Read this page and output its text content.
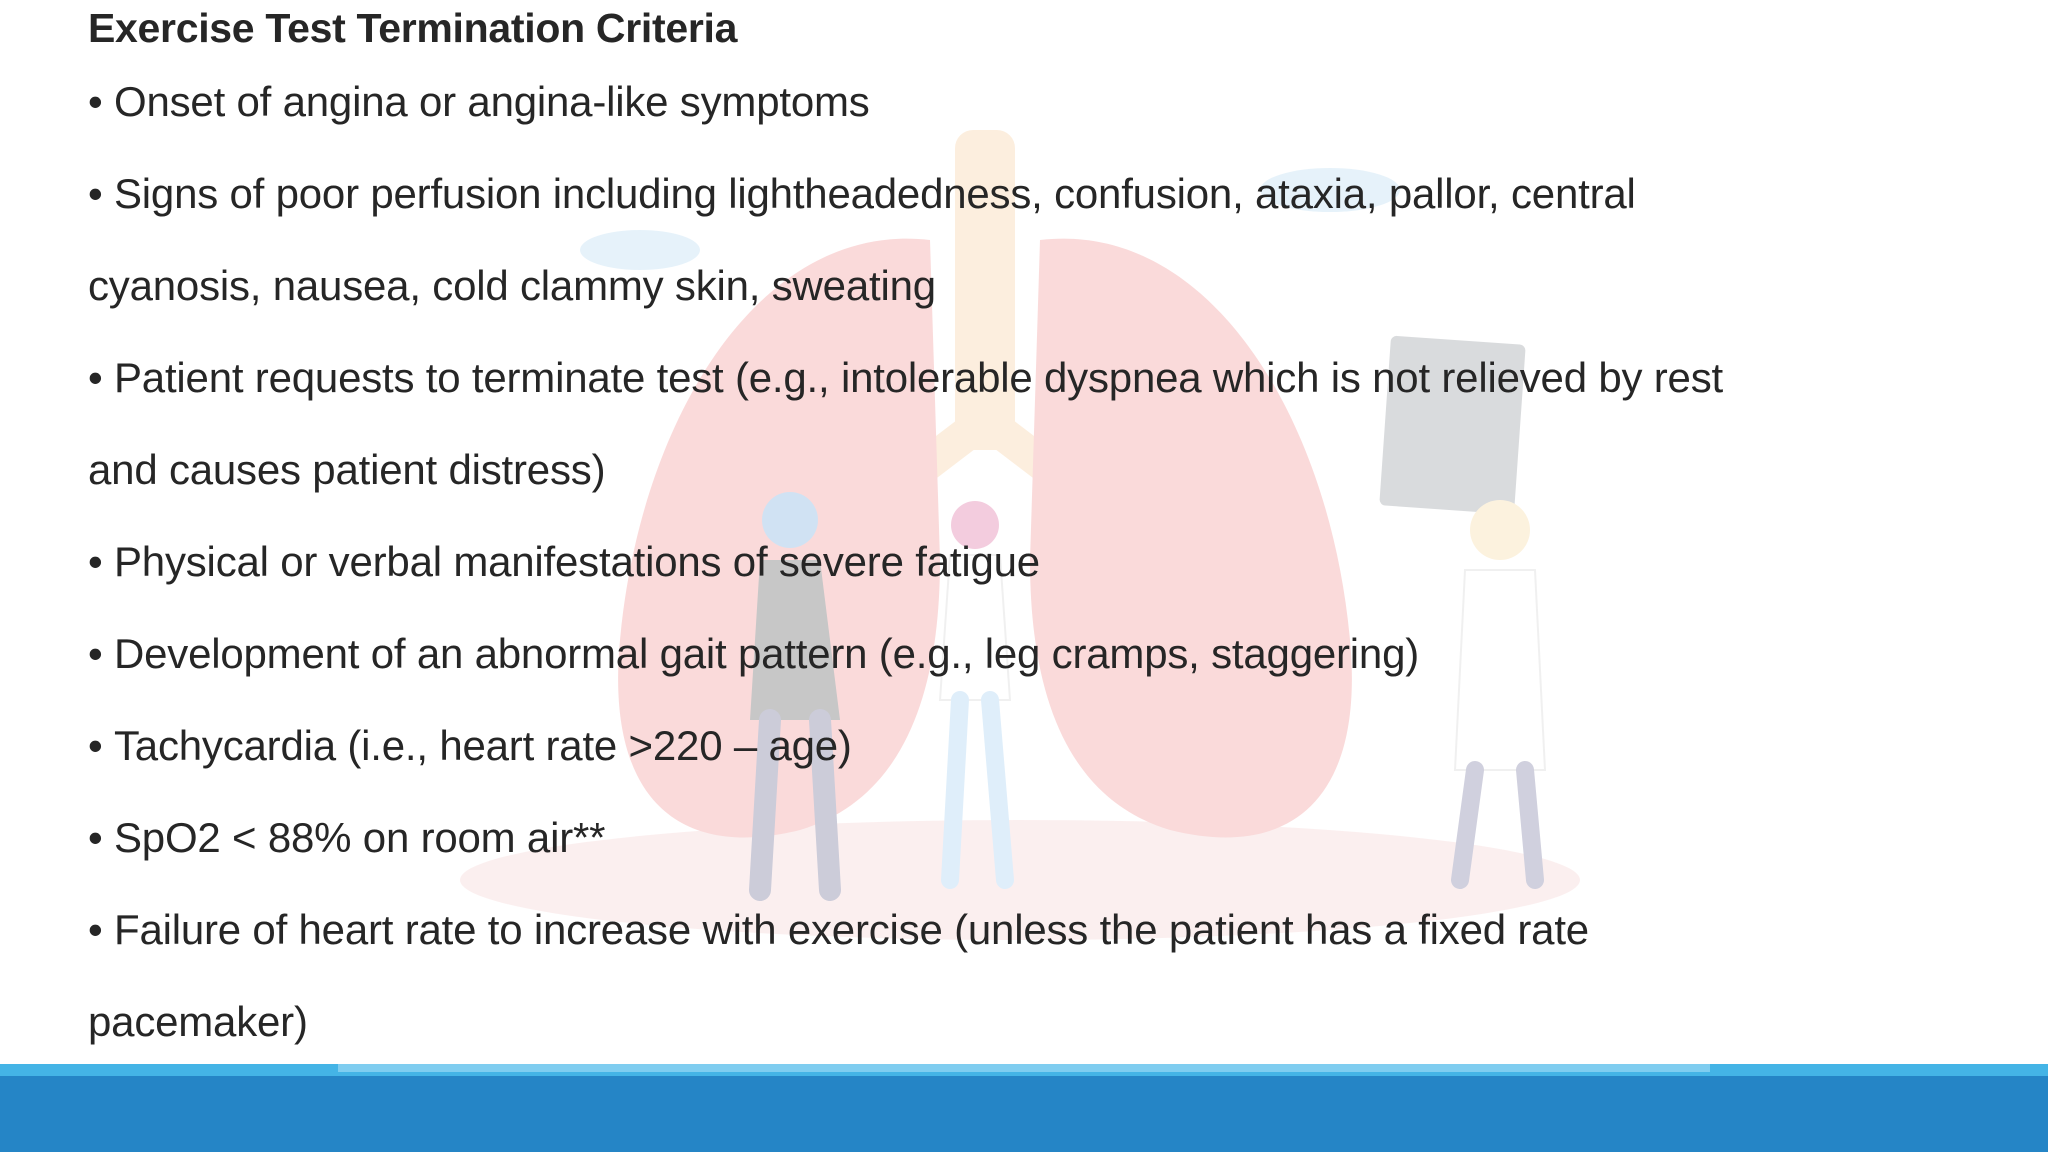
Exercise Test Termination Criteria
• Onset of angina or angina-like symptoms
• Signs of poor perfusion including lightheadedness, confusion, ataxia, pallor, central
cyanosis, nausea, cold clammy skin, sweating
• Patient requests to terminate test (e.g., intolerable dyspnea which is not relieved by rest
and causes patient distress)
• Physical or verbal manifestations of severe fatigue
• Development of an abnormal gait pattern (e.g., leg cramps, staggering)
• Tachycardia (i.e., heart rate >220 – age)
• SpO2 < 88% on room air**
• Failure of heart rate to increase with exercise (unless the patient has a fixed rate
pacemaker)
